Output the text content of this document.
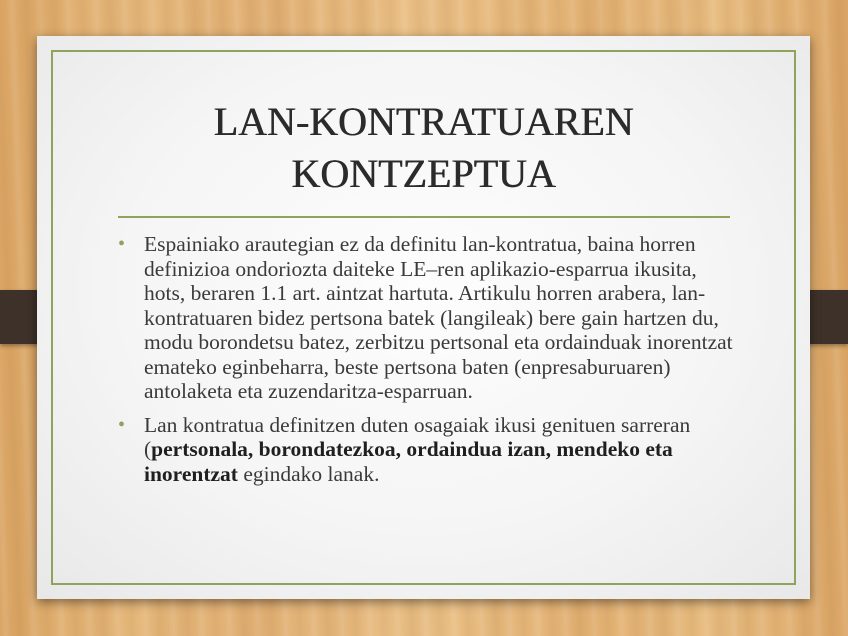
LAN-KONTRATUAREN
KONTZEPTUA
• Espainiako arautegian ez da definitu lan-kontratua, baina horren definizioa ondoriozta daiteke LE–ren aplikazio-esparrua ikusita, hots, beraren 1.1 art. aintzat hartuta. Artikulu horren arabera, lan-kontratuaren bidez pertsona batek (langileak) bere gain hartzen du, modu borondetsu batez, zerbitzu pertsonal eta ordainduak inorentzat emateko eginbeharra, beste pertsona baten (enpresaburuaren) antolaketa eta zuzendaritza-esparruan.
• Lan kontratua definitzen duten osagaiak ikusi genituen sarreran (pertsonala, borondatezkoa, ordaindua izan, mendeko eta inorentzat egindako lanak.
